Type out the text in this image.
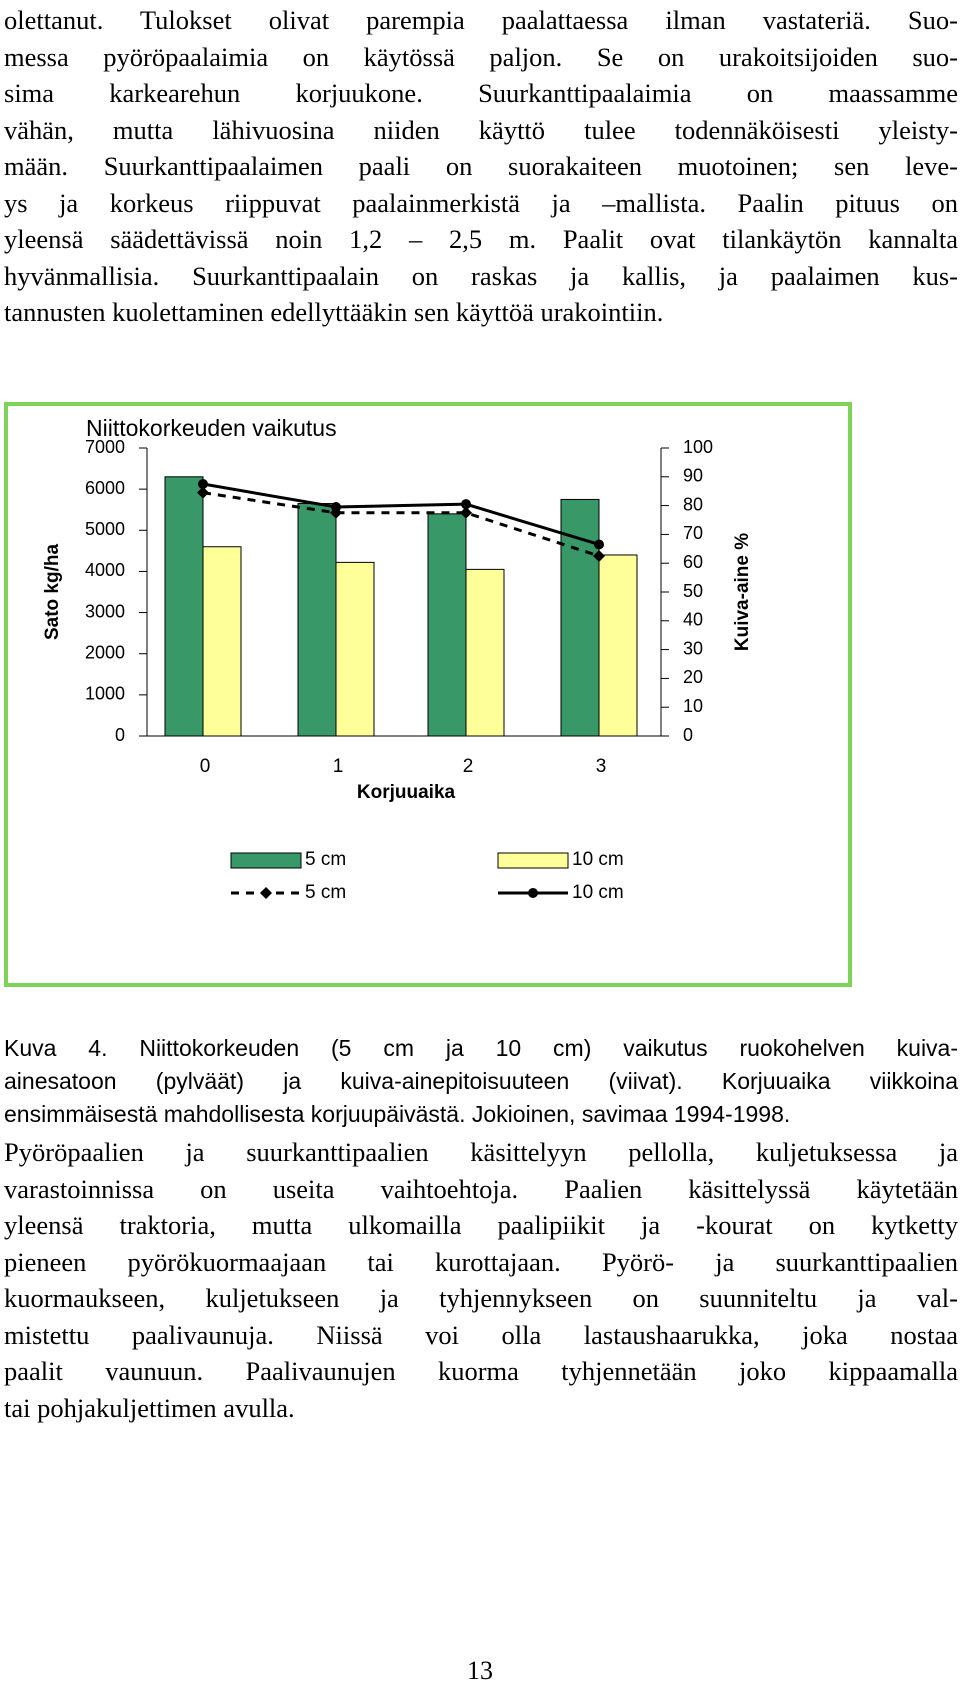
olettanut. Tulokset olivat parempia paalattaessa ilman vastateriä. Suo-
messa pyöröpaalaimia on käytössä paljon. Se on urakoitsijoiden suo-
sima karkearehun korjuukone. Suurkanttipaalaimia on maassamme
vähän, mutta lähivuosina niiden käyttö tulee todennäköisesti yleisty-
mään. Suurkanttipaalaimen paali on suorakaiteen muotoinen; sen leve-
ys ja korkeus riippuvat paalainmerkistä ja –mallista. Paalin pituus on
yleensä säädettävissä noin 1,2 – 2,5 m. Paalit ovat tilankäytön kannalta
hyvänmallisia. Suurkanttipaalain on raskas ja kallis, ja paalaimen kus-
tannusten kuolettaminen edellyttääkin sen käyttöä urakointiin.
Niittokorkeuden vaikutus
7000
6000
5000
4000
3000
2000
1000
0
100
90
80
70
60
50
40
30
20
10
0
Sato kg/ha	Kuiva-aine %
0	1	2	3
Korjuuaika
5 cm	10 cm
5 cm	10 cm
Kuva 4. Niittokorkeuden (5 cm ja 10 cm) vaikutus ruokohelven kuiva-
ainesatoon (pylväät) ja kuiva-ainepitoisuuteen (viivat). Korjuuaika viikkoina
ensimmäisestä mahdollisesta korjuupäivästä. Jokioinen, savimaa 1994-1998.
Pyöröpaalien ja suurkanttipaalien käsittelyyn pellolla, kuljetuksessa ja
varastoinnissa on useita vaihtoehtoja. Paalien käsittelyssä käytetään
yleensä traktoria, mutta ulkomailla paalipiikit ja -kourat on kytketty
pieneen pyörökuormaajaan tai kurottajaan. Pyörö- ja suurkanttipaalien
kuormaukseen, kuljetukseen ja tyhjennykseen on suunniteltu ja val-
mistettu paalivaunuja. Niissä voi olla lastaushaarukka, joka nostaa
paalit vaunuun. Paalivaunujen kuorma tyhjennetään joko kippaamalla
tai pohjakuljettimen avulla.
13
